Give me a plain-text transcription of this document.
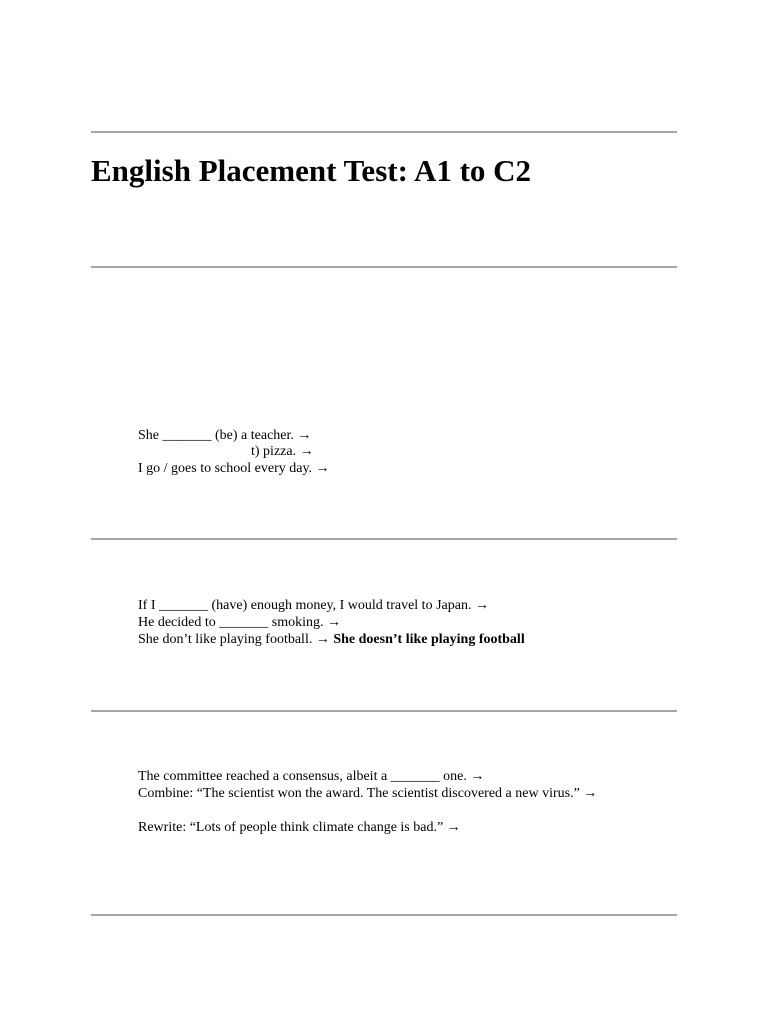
English Placement Test: A1 to C2
She _______ (be) a teacher. →
t) pizza. →
I go / goes to school every day. →
If I _______ (have) enough money, I would travel to Japan. →
He decided to _______ smoking. →
She don’t like playing football. → She doesn’t like playing football
The committee reached a consensus, albeit a _______ one. →
Combine: “The scientist won the award. The scientist discovered a new virus.” →
Rewrite: “Lots of people think climate change is bad.” →
